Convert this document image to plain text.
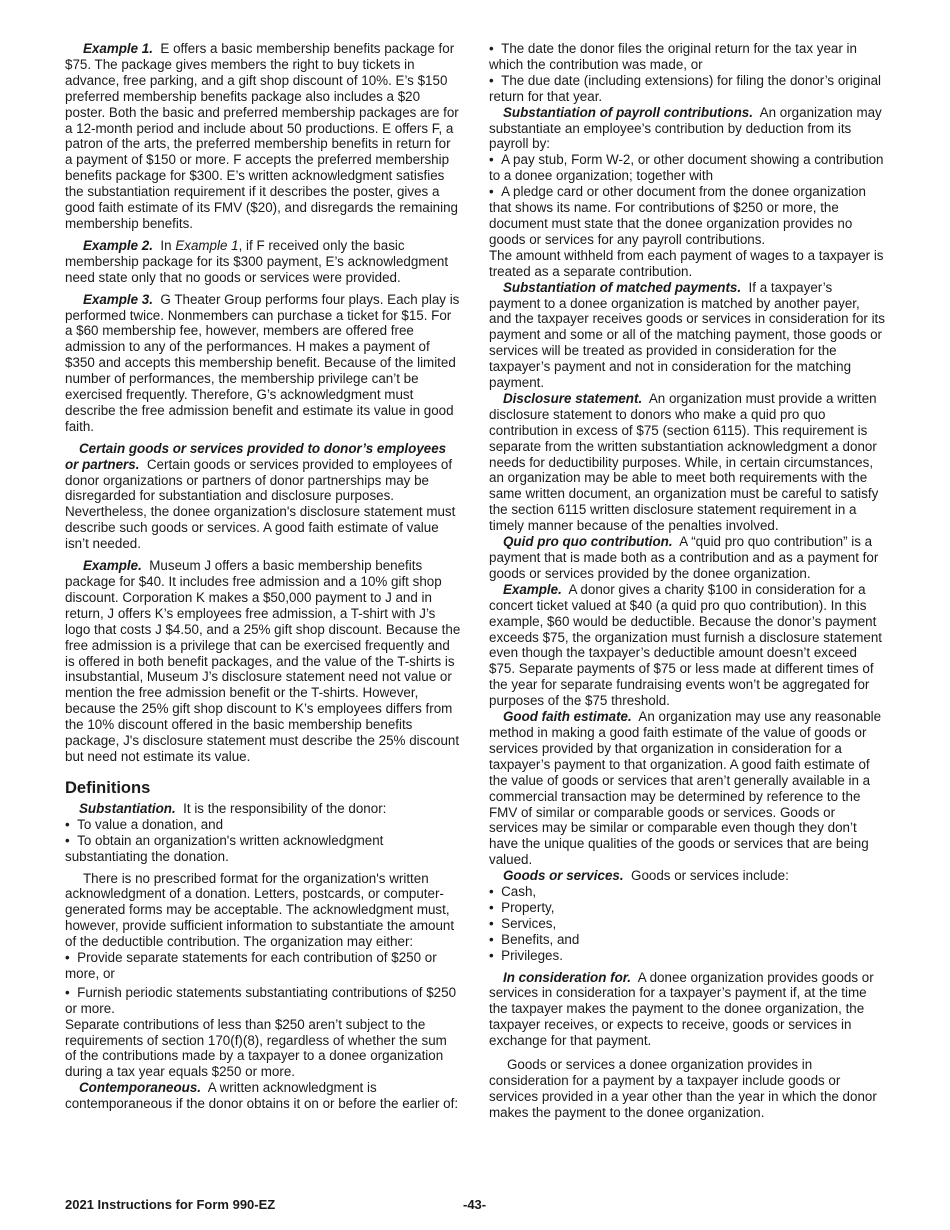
Example 1. E offers a basic membership benefits package for $75. The package gives members the right to buy tickets in advance, free parking, and a gift shop discount of 10%. E’s $150 preferred membership benefits package also includes a $20 poster. Both the basic and preferred membership packages are for a 12-month period and include about 50 productions. E offers F, a patron of the arts, the preferred membership benefits in return for a payment of $150 or more. F accepts the preferred membership benefits package for $300. E’s written acknowledgment satisfies the substantiation requirement if it describes the poster, gives a good faith estimate of its FMV ($20), and disregards the remaining membership benefits.

Example 2. In Example 1, if F received only the basic membership package for its $300 payment, E’s acknowledgment need state only that no goods or services were provided.

Example 3. G Theater Group performs four plays. Each play is performed twice. Nonmembers can purchase a ticket for $15. For a $60 membership fee, however, members are offered free admission to any of the performances. H makes a payment of $350 and accepts this membership benefit. Because of the limited number of performances, the membership privilege can’t be exercised frequently. Therefore, G’s acknowledgment must describe the free admission benefit and estimate its value in good faith.

Certain goods or services provided to donor’s employees or partners. Certain goods or services provided to employees of donor organizations or partners of donor partnerships may be disregarded for substantiation and disclosure purposes. Nevertheless, the donee organization's disclosure statement must describe such goods or services. A good faith estimate of value isn’t needed.

Example. Museum J offers a basic membership benefits package for $40. It includes free admission and a 10% gift shop discount. Corporation K makes a $50,000 payment to J and in return, J offers K’s employees free admission, a T-shirt with J’s logo that costs J $4.50, and a 25% gift shop discount. Because the free admission is a privilege that can be exercised frequently and is offered in both benefit packages, and the value of the T-shirts is insubstantial, Museum J’s disclosure statement need not value or mention the free admission benefit or the T-shirts. However, because the 25% gift shop discount to K’s employees differs from the 10% discount offered in the basic membership benefits package, J's disclosure statement must describe the 25% discount but need not estimate its value.

Definitions

Substantiation. It is the responsibility of the donor:

•  To value a donation, and

•  To obtain an organization's written acknowledgment substantiating the donation.

There is no prescribed format for the organization's written acknowledgment of a donation. Letters, postcards, or computer-generated forms may be acceptable. The acknowledgment must, however, provide sufficient information to substantiate the amount of the deductible contribution. The organization may either:

•  Provide separate statements for each contribution of $250 or more, or

•  Furnish periodic statements substantiating contributions of $250 or more.

Separate contributions of less than $250 aren’t subject to the requirements of section 170(f)(8), regardless of whether the sum of the contributions made by a taxpayer to a donee organization during a tax year equals $250 or more.

Contemporaneous. A written acknowledgment is contemporaneous if the donor obtains it on or before the earlier of:

•  The date the donor files the original return for the tax year in which the contribution was made, or

•  The due date (including extensions) for filing the donor’s original return for that year.

Substantiation of payroll contributions. An organization may substantiate an employee’s contribution by deduction from its payroll by:

•  A pay stub, Form W-2, or other document showing a contribution to a donee organization; together with

•  A pledge card or other document from the donee organization that shows its name. For contributions of $250 or more, the document must state that the donee organization provides no goods or services for any payroll contributions.

The amount withheld from each payment of wages to a taxpayer is treated as a separate contribution.

Substantiation of matched payments. If a taxpayer’s payment to a donee organization is matched by another payer, and the taxpayer receives goods or services in consideration for its payment and some or all of the matching payment, those goods or services will be treated as provided in consideration for the taxpayer’s payment and not in consideration for the matching payment.

Disclosure statement. An organization must provide a written disclosure statement to donors who make a quid pro quo contribution in excess of $75 (section 6115). This requirement is separate from the written substantiation acknowledgment a donor needs for deductibility purposes. While, in certain circumstances, an organization may be able to meet both requirements with the same written document, an organization must be careful to satisfy the section 6115 written disclosure statement requirement in a timely manner because of the penalties involved.

Quid pro quo contribution. A “quid pro quo contribution” is a payment that is made both as a contribution and as a payment for goods or services provided by the donee organization.

Example. A donor gives a charity $100 in consideration for a concert ticket valued at $40 (a quid pro quo contribution). In this example, $60 would be deductible. Because the donor’s payment exceeds $75, the organization must furnish a disclosure statement even though the taxpayer’s deductible amount doesn’t exceed $75. Separate payments of $75 or less made at different times of the year for separate fundraising events won’t be aggregated for purposes of the $75 threshold.

Good faith estimate. An organization may use any reasonable method in making a good faith estimate of the value of goods or services provided by that organization in consideration for a taxpayer’s payment to that organization. A good faith estimate of the value of goods or services that aren’t generally available in a commercial transaction may be determined by reference to the FMV of similar or comparable goods or services. Goods or services may be similar or comparable even though they don’t have the unique qualities of the goods or services that are being valued.

Goods or services. Goods or services include:

•  Cash,

•  Property,

•  Services,

•  Benefits, and

•  Privileges.

In consideration for. A donee organization provides goods or services in consideration for a taxpayer’s payment if, at the time the taxpayer makes the payment to the donee organization, the taxpayer receives, or expects to receive, goods or services in exchange for that payment.

Goods or services a donee organization provides in consideration for a payment by a taxpayer include goods or services provided in a year other than the year in which the donor makes the payment to the donee organization.

2021 Instructions for Form 990-EZ	-43-
